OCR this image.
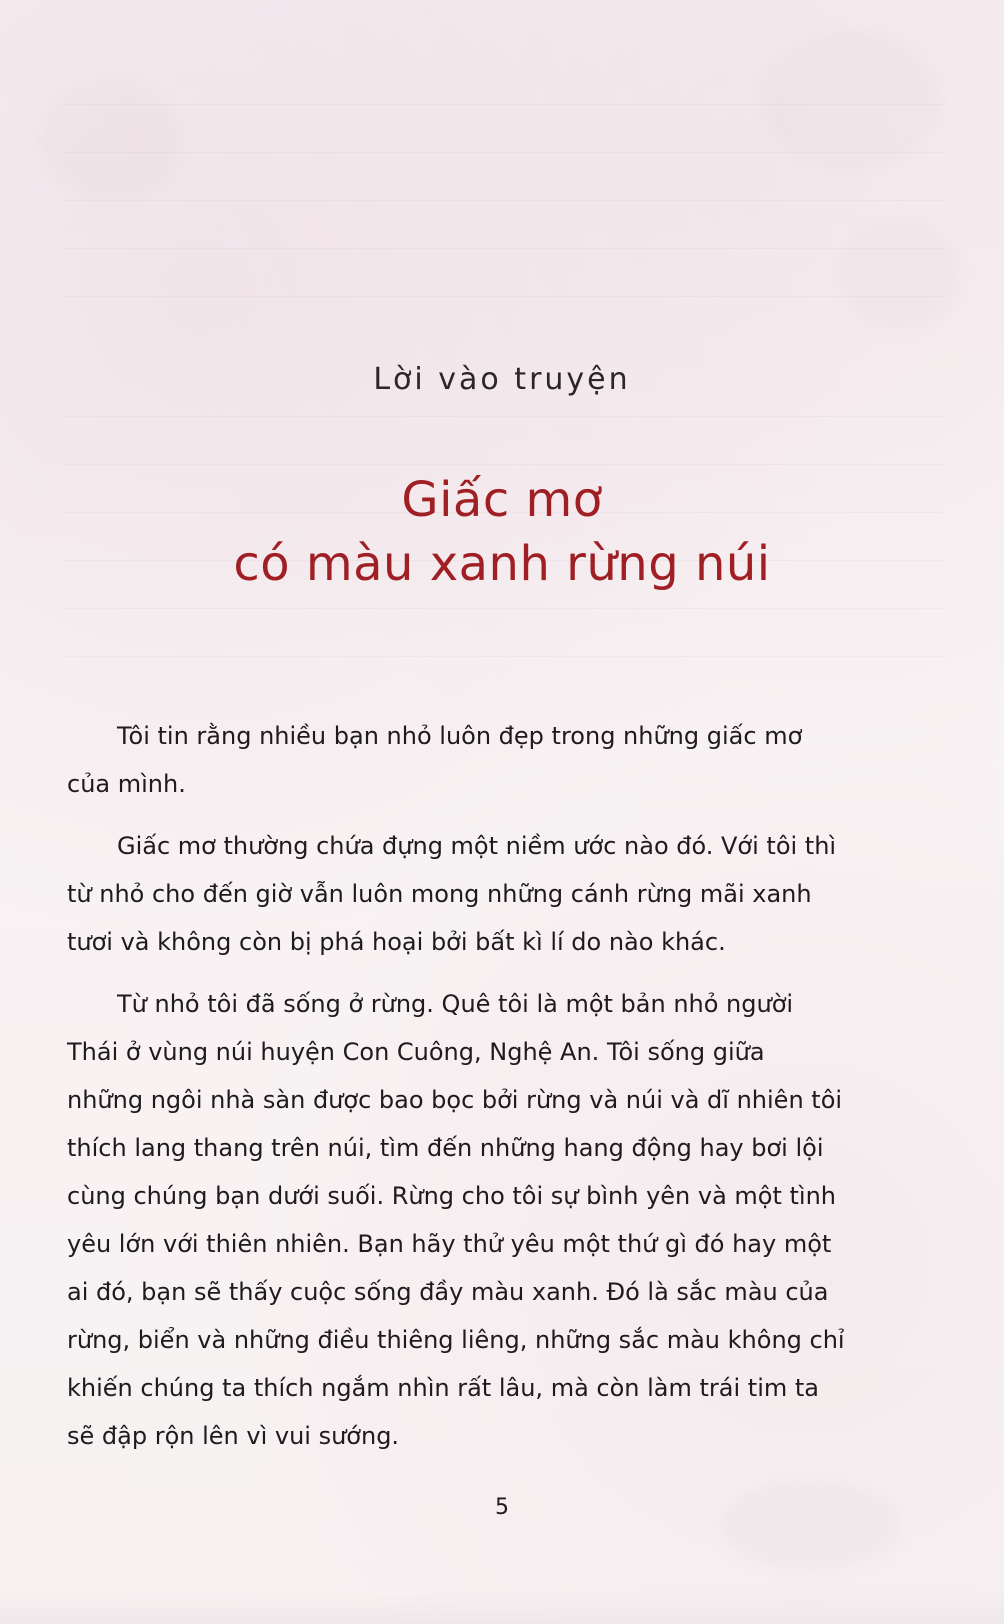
Lời vào truyện
Giấc mơ
có màu xanh rừng núi

Tôi tin rằng nhiều bạn nhỏ luôn đẹp trong những giấc mơ của mình.

Giấc mơ thường chứa đựng một niềm ước nào đó. Với tôi thì từ nhỏ cho đến giờ vẫn luôn mong những cánh rừng mãi xanh tươi và không còn bị phá hoại bởi bất kì lí do nào khác.

Từ nhỏ tôi đã sống ở rừng. Quê tôi là một bản nhỏ người Thái ở vùng núi huyện Con Cuông, Nghệ An. Tôi sống giữa những ngôi nhà sàn được bao bọc bởi rừng và núi và dĩ nhiên tôi thích lang thang trên núi, tìm đến những hang động hay bơi lội cùng chúng bạn dưới suối. Rừng cho tôi sự bình yên và một tình yêu lớn với thiên nhiên. Bạn hãy thử yêu một thứ gì đó hay một ai đó, bạn sẽ thấy cuộc sống đầy màu xanh. Đó là sắc màu của rừng, biển và những điều thiêng liêng, những sắc màu không chỉ khiến chúng ta thích ngắm nhìn rất lâu, mà còn làm trái tim ta sẽ đập rộn lên vì vui sướng.

5
